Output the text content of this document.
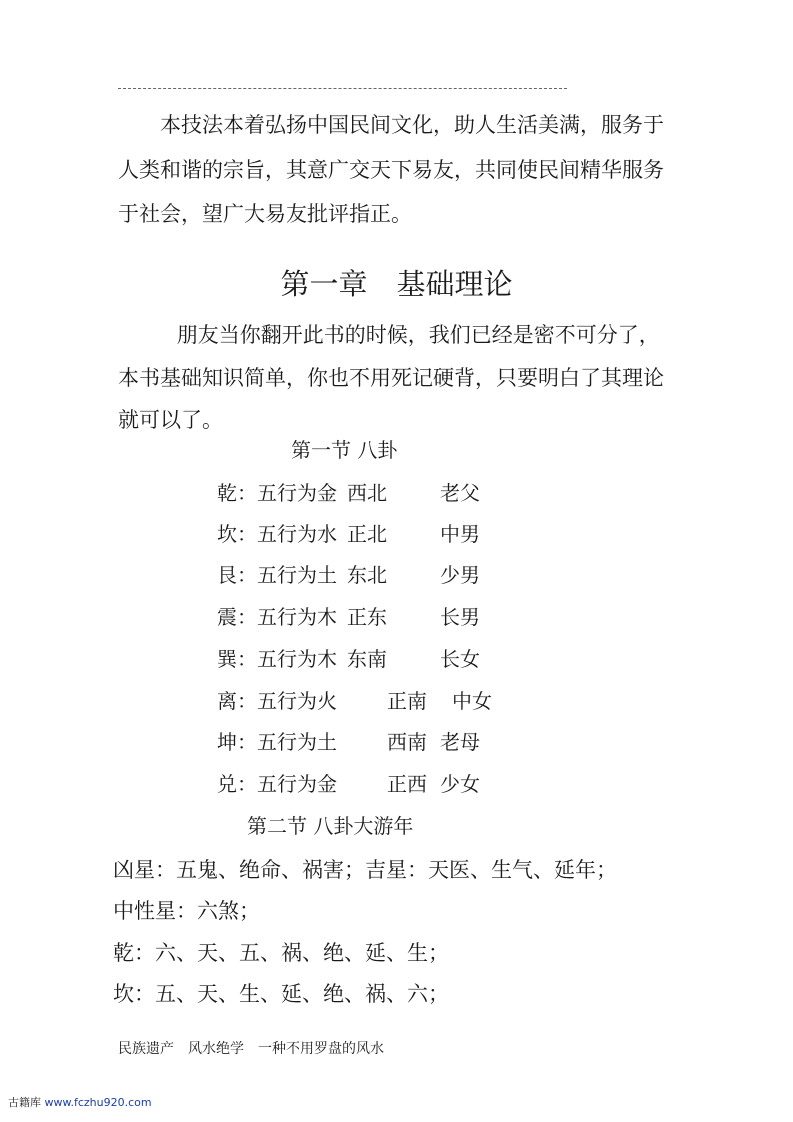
本技法本着弘扬中国民间文化，助人生活美满，服务于人类和谐的宗旨，其意广交天下易友，共同使民间精华服务于社会，望广大易友批评指正。
第一章　基础理论
朋友当你翻开此书的时候，我们已经是密不可分了，本书基础知识简单，你也不用死记硬背，只要明白了其理论就可以了。
第一节 八卦
乾：五行为金 西北	老父
坎：五行为水 正北	中男
艮：五行为土 东北	少男
震：五行为木 正东	长男
巽：五行为木 东南	长女
离：五行为火	正南 中女
坤：五行为土	西南 老母
兑：五行为金	正西 少女
第二节 八卦大游年
凶星：五鬼、绝命、祸害；吉星：天医、生气、延年；
中性星：六煞；
乾：六、天、五、祸、绝、延、生；
坎：五、天、生、延、绝、祸、六；
民族遗产　风水绝学　一种不用罗盘的风水
古籍库 www.fczhu920.com
